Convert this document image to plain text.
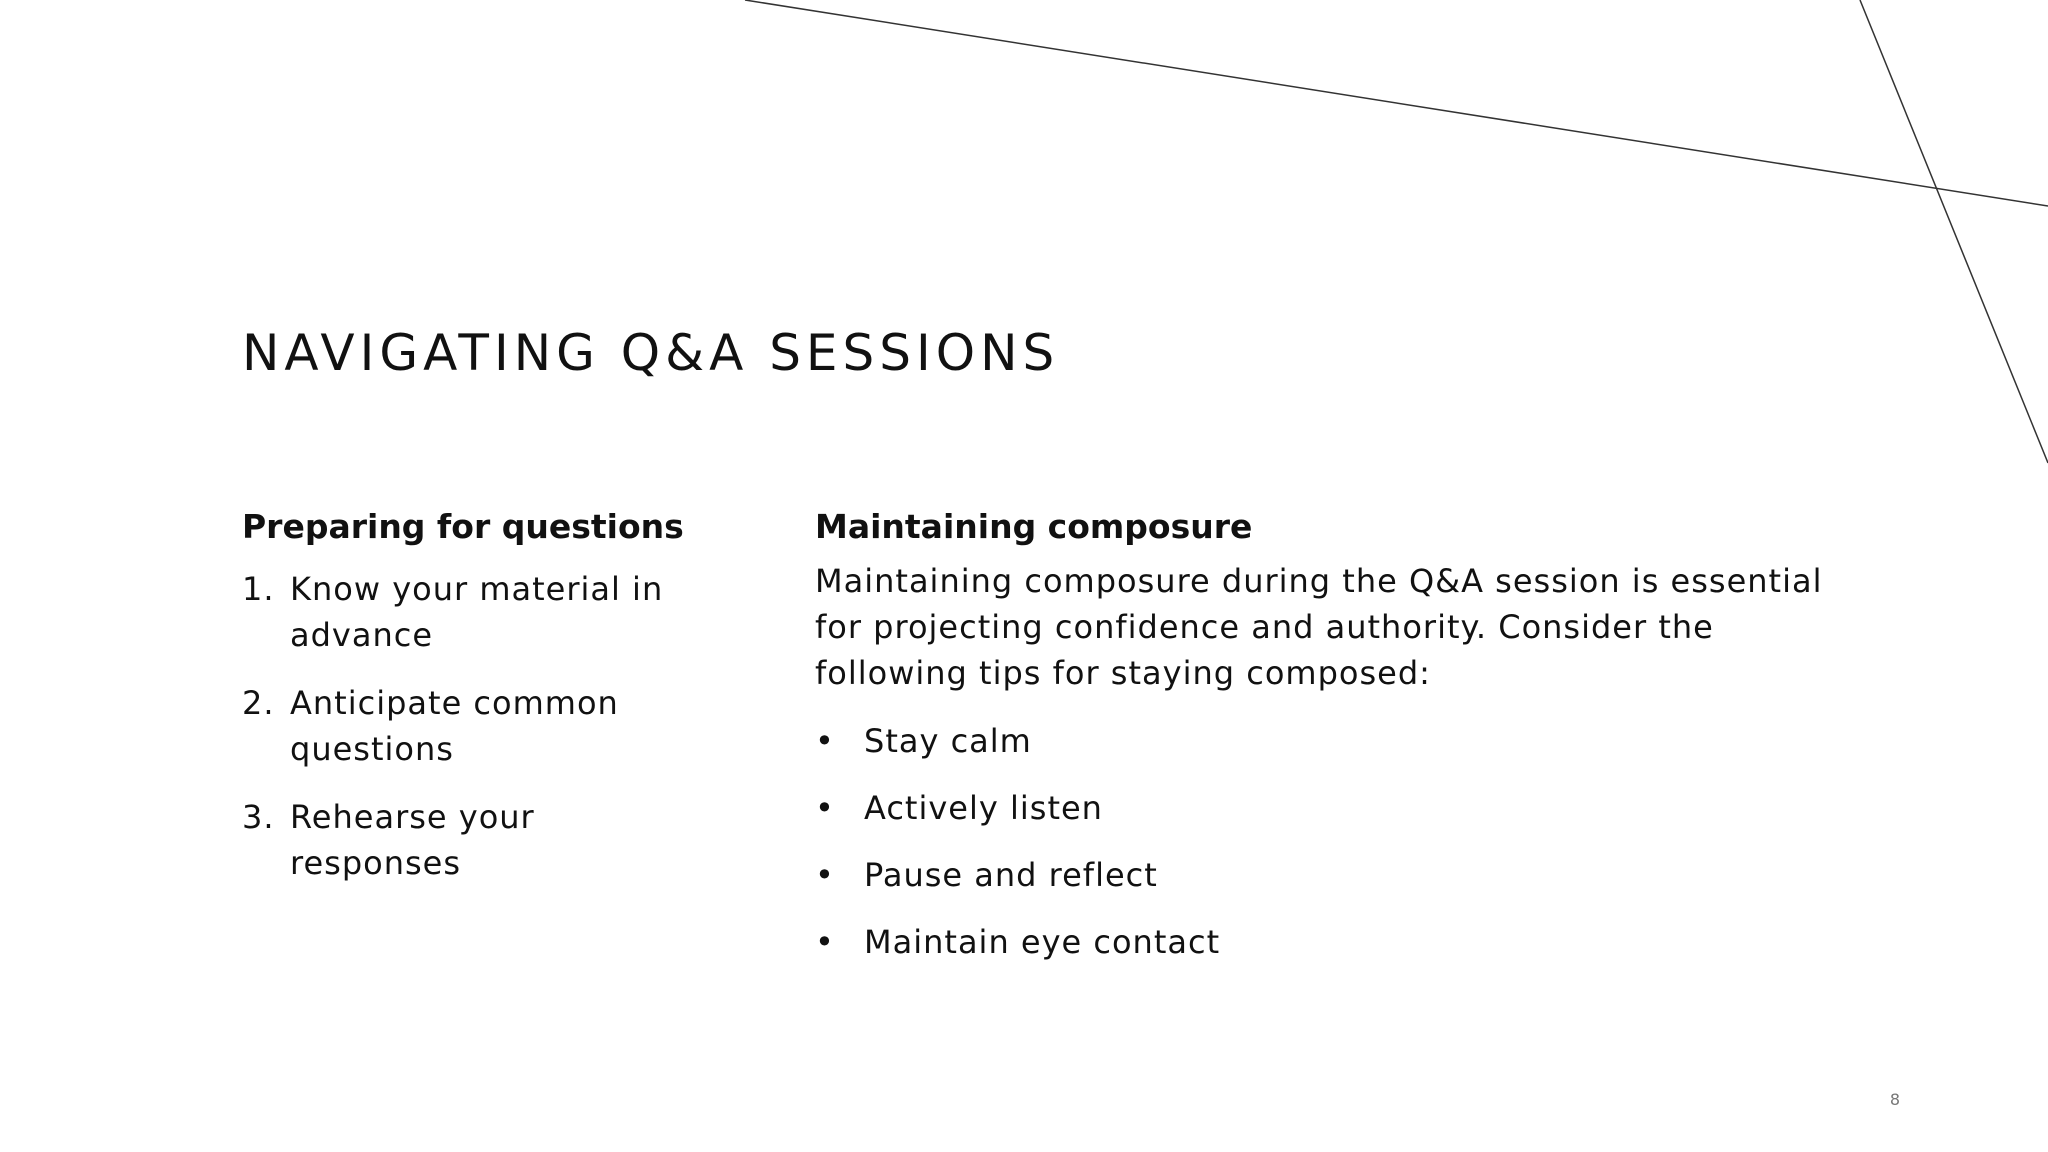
NAVIGATING Q&A SESSIONS
Preparing for questions
1. Know your material in advance
2. Anticipate common questions
3. Rehearse your responses
Maintaining composure

Maintaining composure during the Q&A session is essential for projecting confidence and authority. Consider the following tips for staying composed:

• Stay calm
• Actively listen
• Pause and reflect
• Maintain eye contact
8
